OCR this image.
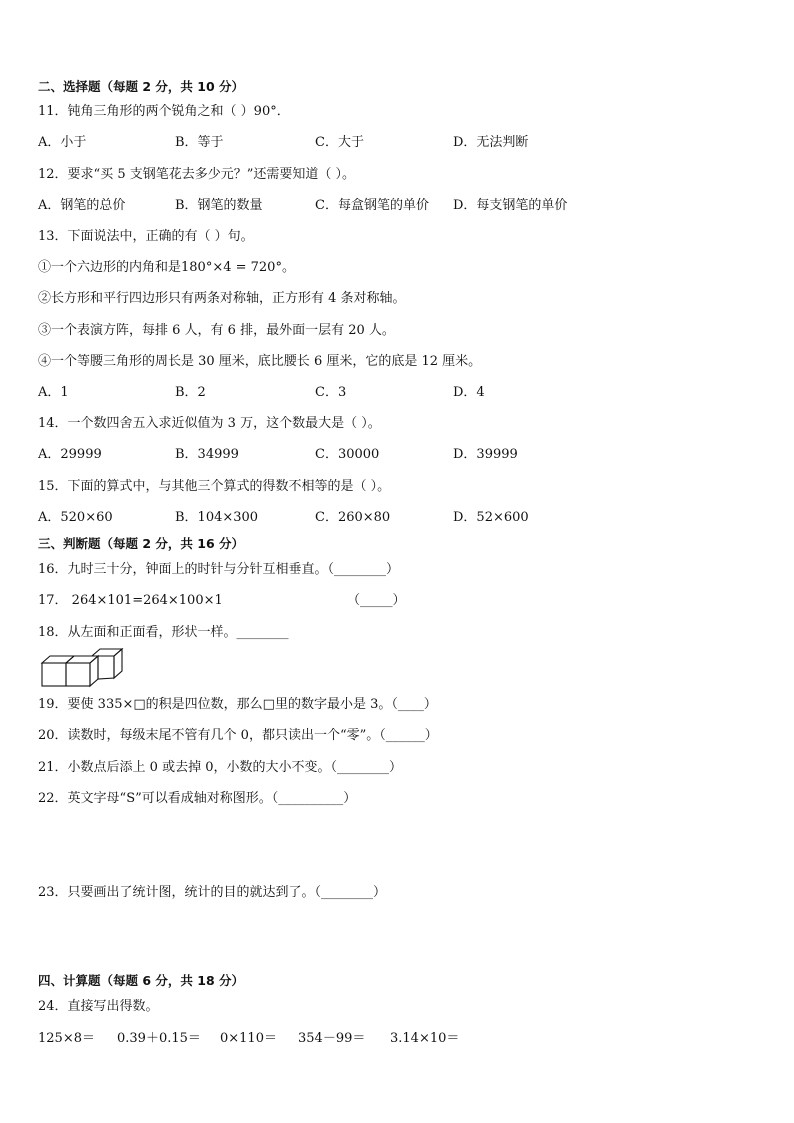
二、选择题（每题 2 分，共 10 分）
11．钝角三角形的两个锐角之和（ ）90°．
A．小于	B．等于	C．大于	D．无法判断
12．要求“买 5 支钢笔花去多少元？”还需要知道（ ）。
A．钢笔的总价	B．钢笔的数量	C．每盒钢笔的单价 D．每支钢笔的单价
13．下面说法中，正确的有（ ）句。
①一个六边形的内角和是180°×4 = 720°。
②长方形和平行四边形只有两条对称轴，正方形有 4 条对称轴。
③一个表演方阵，每排 6 人，有 6 排，最外面一层有 20 人。
④一个等腰三角形的周长是 30 厘米，底比腰长 6 厘米，它的底是 12 厘米。
A．1	B．2	C．3	D．4
14．一个数四舍五入求近似值为 3 万，这个数最大是（ ）。
A．29999	B．34999	C．30000	D．39999
15．下面的算式中，与其他三个算式的得数不相等的是（ ）。
A．520×60	B．104×300	C．260×80	D．52×600
三、判断题（每题 2 分，共 16 分）
16．九时三十分，钟面上的时针与分针互相垂直。（________）
17． 264×101=264×100×1	（_____）
18．从左面和正面看，形状一样。________
19．要使 335×□的积是四位数，那么□里的数字最小是 3。（____）
20．读数时，每级末尾不管有几个 0，都只读出一个“零”。（______）
21．小数点后添上 0 或去掉 0，小数的大小不变。（________）
22．英文字母“S”可以看成轴对称图形。（__________）
23．只要画出了统计图，统计的目的就达到了。（________）
四、计算题（每题 6 分，共 18 分）
24．直接写出得数。
125×8＝ 0.39＋0.15＝ 0×110＝ 354－99＝ 3.14×10＝
